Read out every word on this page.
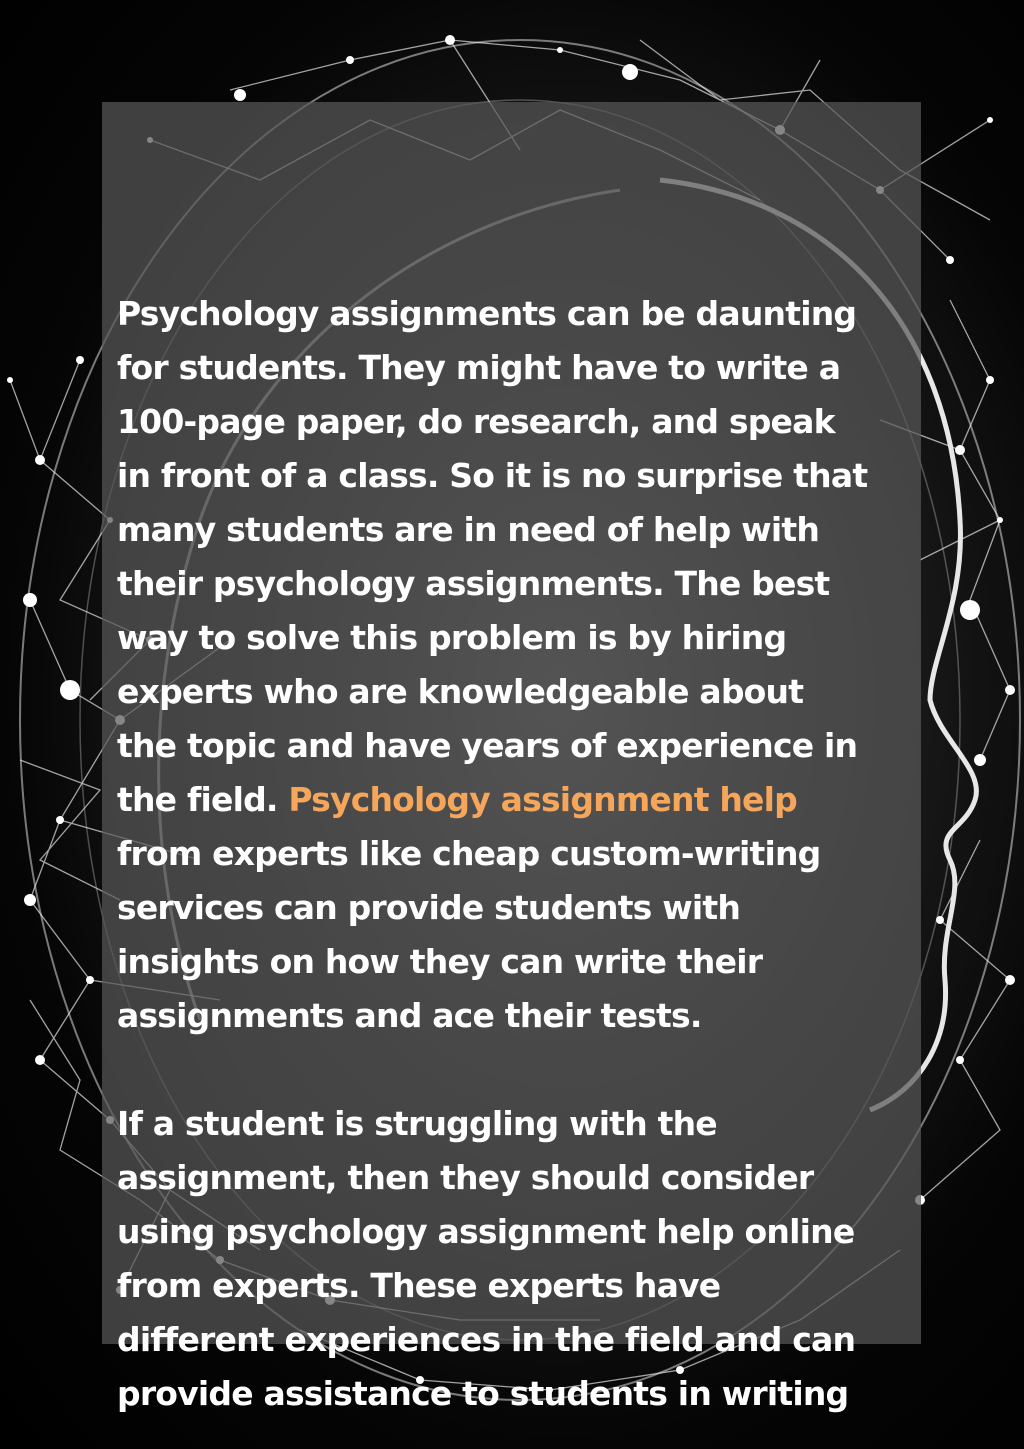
Psychology assignments can be daunting
for students. They might have to write a
100-page paper, do research, and speak
in front of a class. So it is no surprise that
many students are in need of help with
their psychology assignments. The best
way to solve this problem is by hiring
experts who are knowledgeable about
the topic and have years of experience in
the field. Psychology assignment help
from experts like cheap custom-writing
services can provide students with
insights on how they can write their
assignments and ace their tests.

If a student is struggling with the
assignment, then they should consider
using psychology assignment help online
from experts. These experts have
different experiences in the field and can
provide assistance to students in writing
